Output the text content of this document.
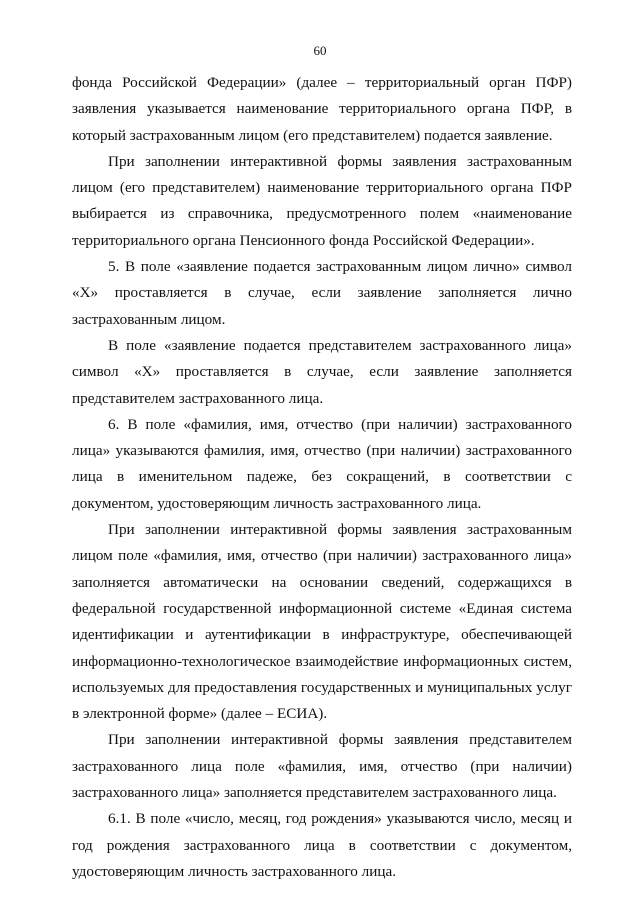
60

фонда Российской Федерации» (далее – территориальный орган ПФР) заявления указывается наименование территориального органа ПФР, в который застрахованным лицом (его представителем) подается заявление.

При заполнении интерактивной формы заявления застрахованным лицом (его представителем) наименование территориального органа ПФР выбирается из справочника, предусмотренного полем «наименование территориального органа Пенсионного фонда Российской Федерации».

5. В поле «заявление подается застрахованным лицом лично» символ «Х» проставляется в случае, если заявление заполняется лично застрахованным лицом.

В поле «заявление подается представителем застрахованного лица» символ «Х» проставляется в случае, если заявление заполняется представителем застрахованного лица.

6. В поле «фамилия, имя, отчество (при наличии) застрахованного лица» указываются фамилия, имя, отчество (при наличии) застрахованного лица в именительном падеже, без сокращений, в соответствии с документом, удостоверяющим личность застрахованного лица.

При заполнении интерактивной формы заявления застрахованным лицом поле «фамилия, имя, отчество (при наличии) застрахованного лица» заполняется автоматически на основании сведений, содержащихся в федеральной государственной информационной системе «Единая система идентификации и аутентификации в инфраструктуре, обеспечивающей информационно-технологическое взаимодействие информационных систем, используемых для предоставления государственных и муниципальных услуг в электронной форме» (далее – ЕСИА).

При заполнении интерактивной формы заявления представителем застрахованного лица поле «фамилия, имя, отчество (при наличии) застрахованного лица» заполняется представителем застрахованного лица.

6.1. В поле «число, месяц, год рождения» указываются число, месяц и год рождения застрахованного лица в соответствии с документом, удостоверяющим личность застрахованного лица.
